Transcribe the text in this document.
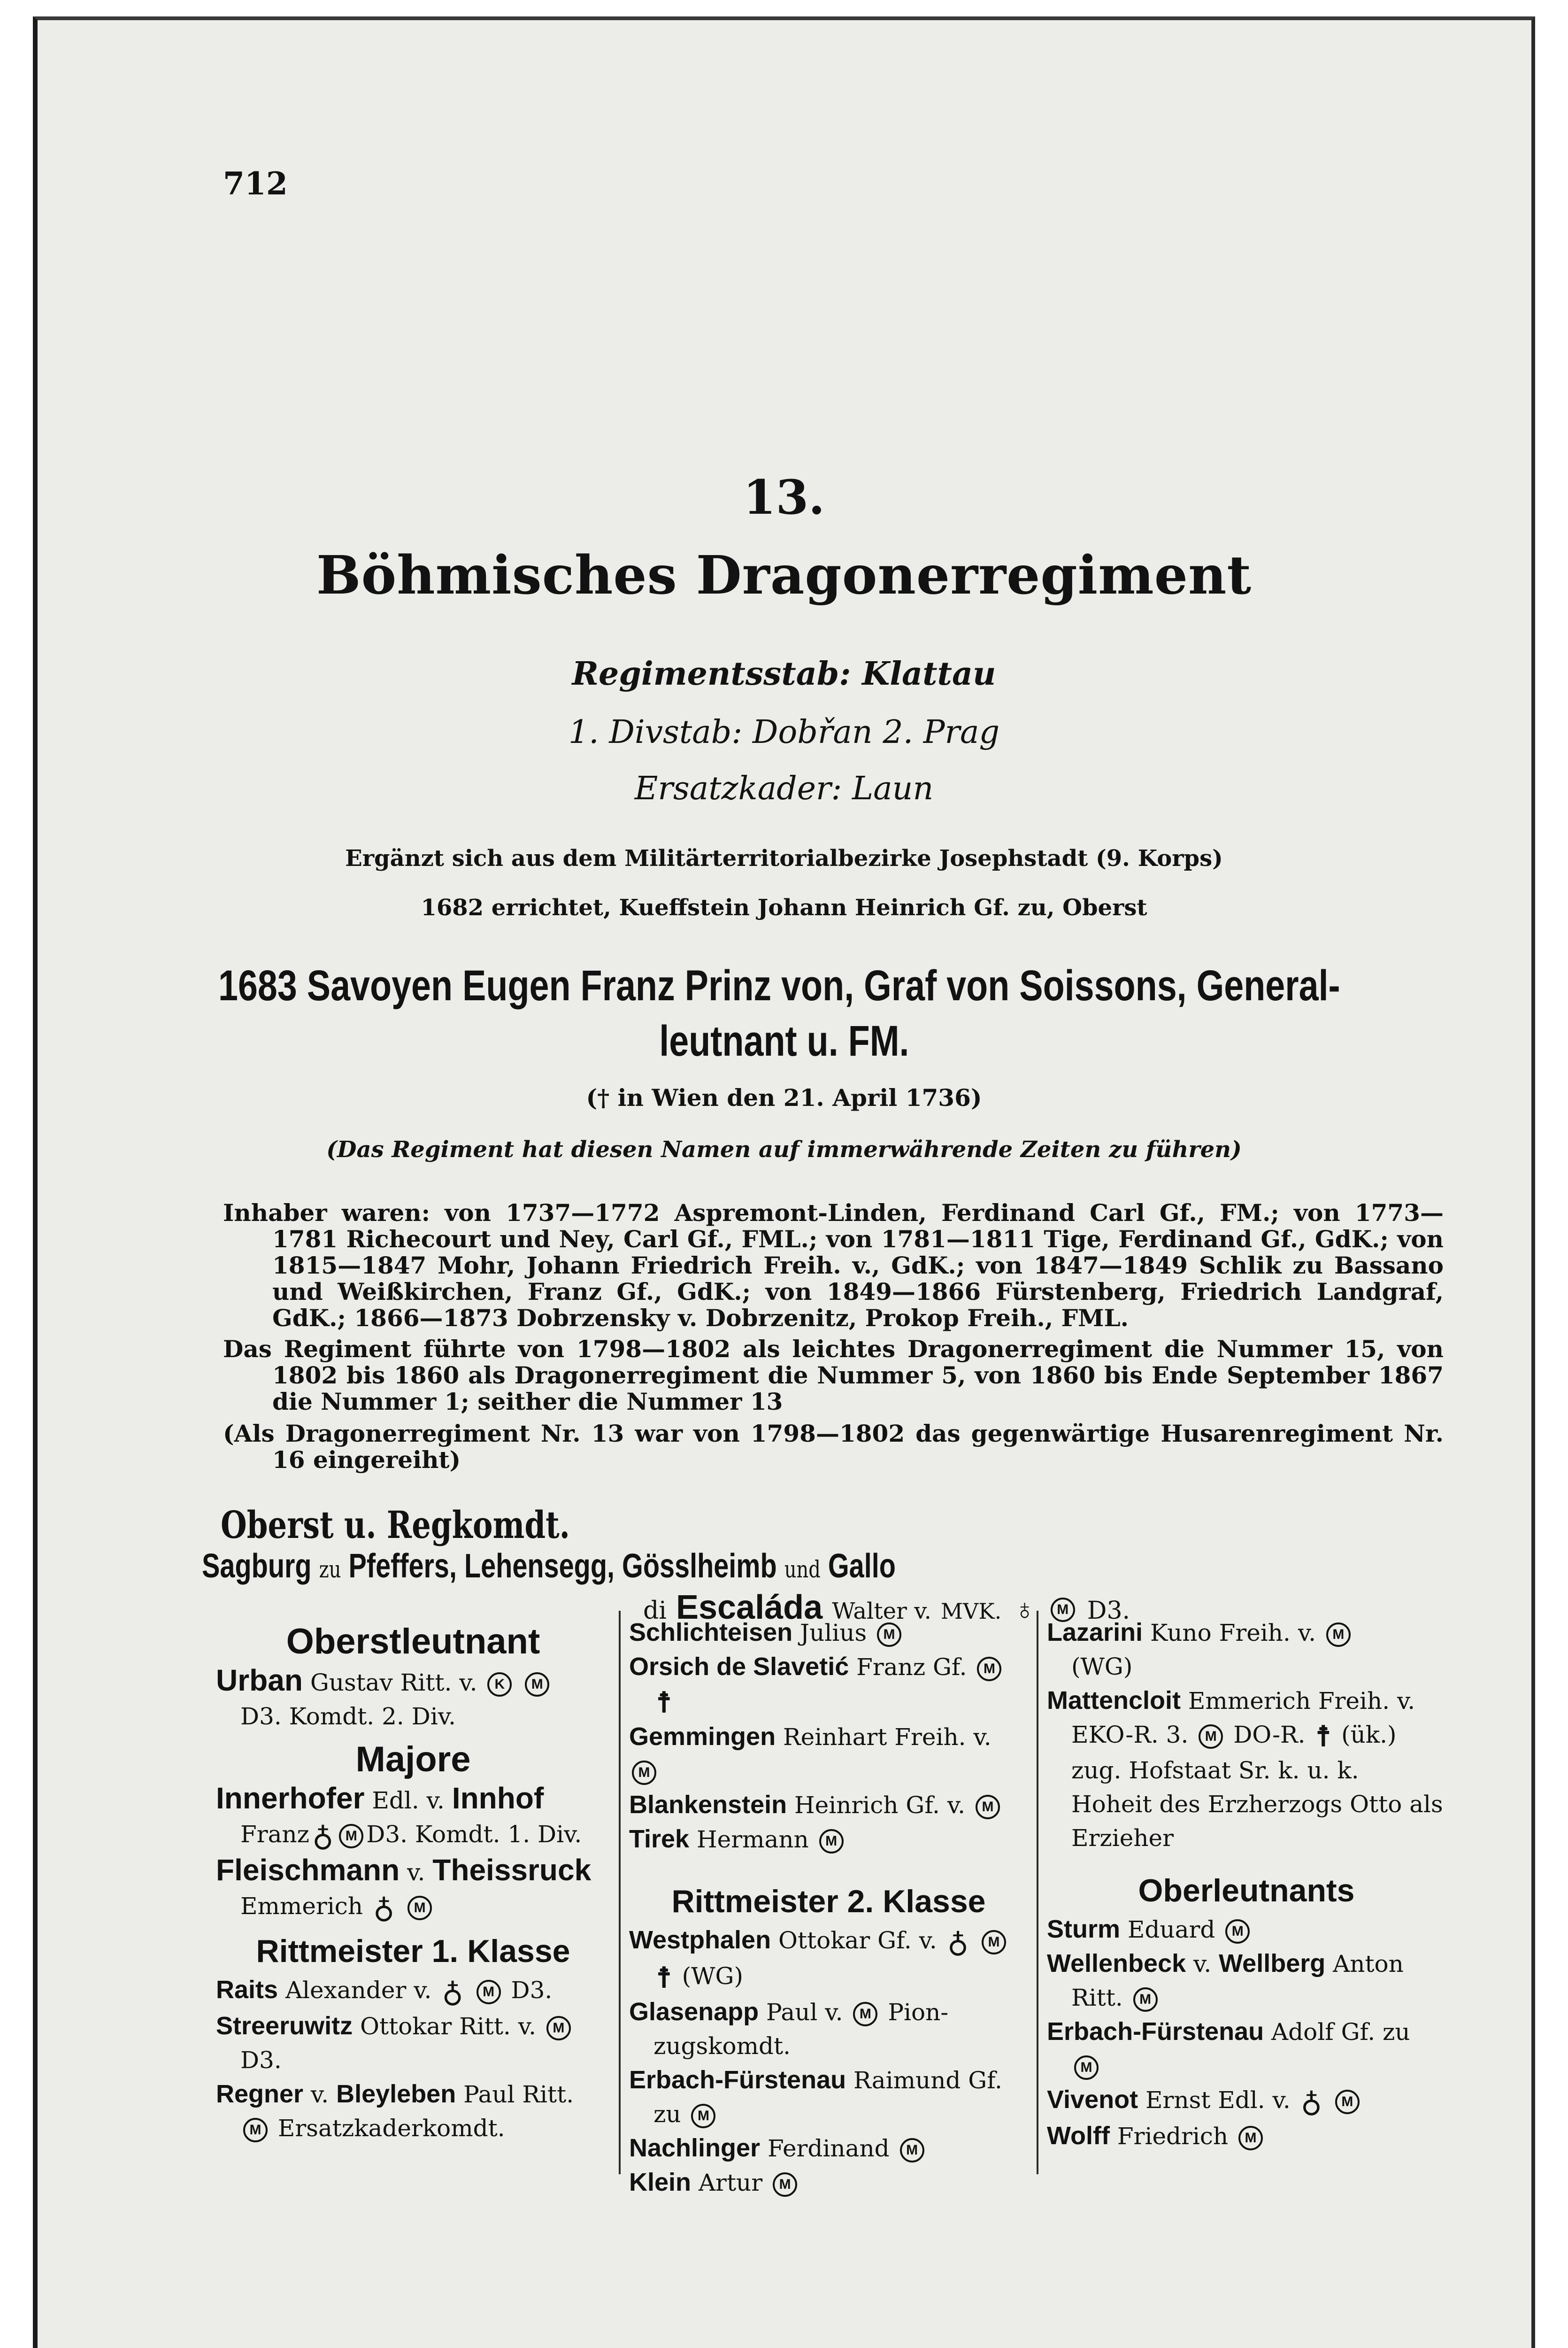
712
13.
Böhmisches Dragonerregiment
Regimentsstab: Klattau
1. Divstab: Dobřan 2. Prag
Ersatzkader: Laun
Ergänzt sich aus dem Militärterritorialbezirke Josephstadt (9. Korps)
1682 errichtet, Kueffstein Johann Heinrich Gf. zu, Oberst
1683 Savoyen Eugen Franz Prinz von, Graf von Soissons, General-
leutnant u. FM.
(† in Wien den 21. April 1736)
(Das Regiment hat diesen Namen auf immerwährende Zeiten zu führen)
Inhaber waren: von 1737—1772 Aspremont-Linden, Ferdinand Carl Gf., FM.; von 1773—1781 Richecourt und Ney, Carl Gf., FML.; von 1781—1811 Tige, Ferdinand Gf., GdK.; von 1815—1847 Mohr, Johann Friedrich Freih. v., GdK.; von 1847—1849 Schlik zu Bassano und Weißkirchen, Franz Gf., GdK.; von 1849—1866 Fürstenberg, Friedrich Landgraf, GdK.; 1866—1873 Dobrzensky v. Dobrzenitz, Prokop Freih., FML.
Das Regiment führte von 1798—1802 als leichtes Dragonerregiment die Nummer 15, von 1802 bis 1860 als Dragonerregiment die Nummer 5, von 1860 bis Ende September 1867 die Nummer 1; seither die Nummer 13
(Als Dragonerregiment Nr. 13 war von 1798—1802 das gegenwärtige Husarenregiment Nr. 16 eingereiht)
Oberst u. Regkomdt. Sagburg zu Pfeffers, Lehensegg, Gösslheimb und Gallo
di Escaláda Walter v. MVK. ♁ M D3.
Oberstleutnant
Urban Gustav Ritt. v. K M
D3. Komdt. 2. Div.
Majore
Innerhofer Edl. v. Innhof
Franz♁ M D3. Komdt. 1. Div.
Fleischmann v. Theissruck
Emmerich ♁ M
Rittmeister 1. Klasse
Raits Alexander v. ♁ M D3.
Streeruwitz Ottokar Ritt. v. M
D3.
Regner v. Bleyleben Paul Ritt.
M Ersatzkaderkomdt.
Schlichteisen Julius M
Orsich de Slavetić Franz Gf. M
☨
Gemmingen Reinhart Freih. v. M
Blankenstein Heinrich Gf. v. M
Tirek Hermann M
Rittmeister 2. Klasse
Westphalen Ottokar Gf. v. ♁ M
☨ (WG)
Glasenapp Paul v. M Pion-
zugskomdt.
Erbach-Fürstenau Raimund Gf.
zu M
Nachlinger Ferdinand M
Klein Artur M
Lazarini Kuno Freih. v. M
(WG)
Mattencloit Emmerich Freih. v.
EKO-R. 3. M DO-R. ☨ (ük.)
zug. Hofstaat Sr. k. u. k. Hoheit des Erzherzogs Otto als Erzieher
Oberleutnants
Sturm Eduard M
Wellenbeck v. Wellberg Anton
Ritt. M
Erbach-Fürstenau Adolf Gf. zu
M
Vivenot Ernst Edl. v. ♁ M
Wolff Friedrich M
